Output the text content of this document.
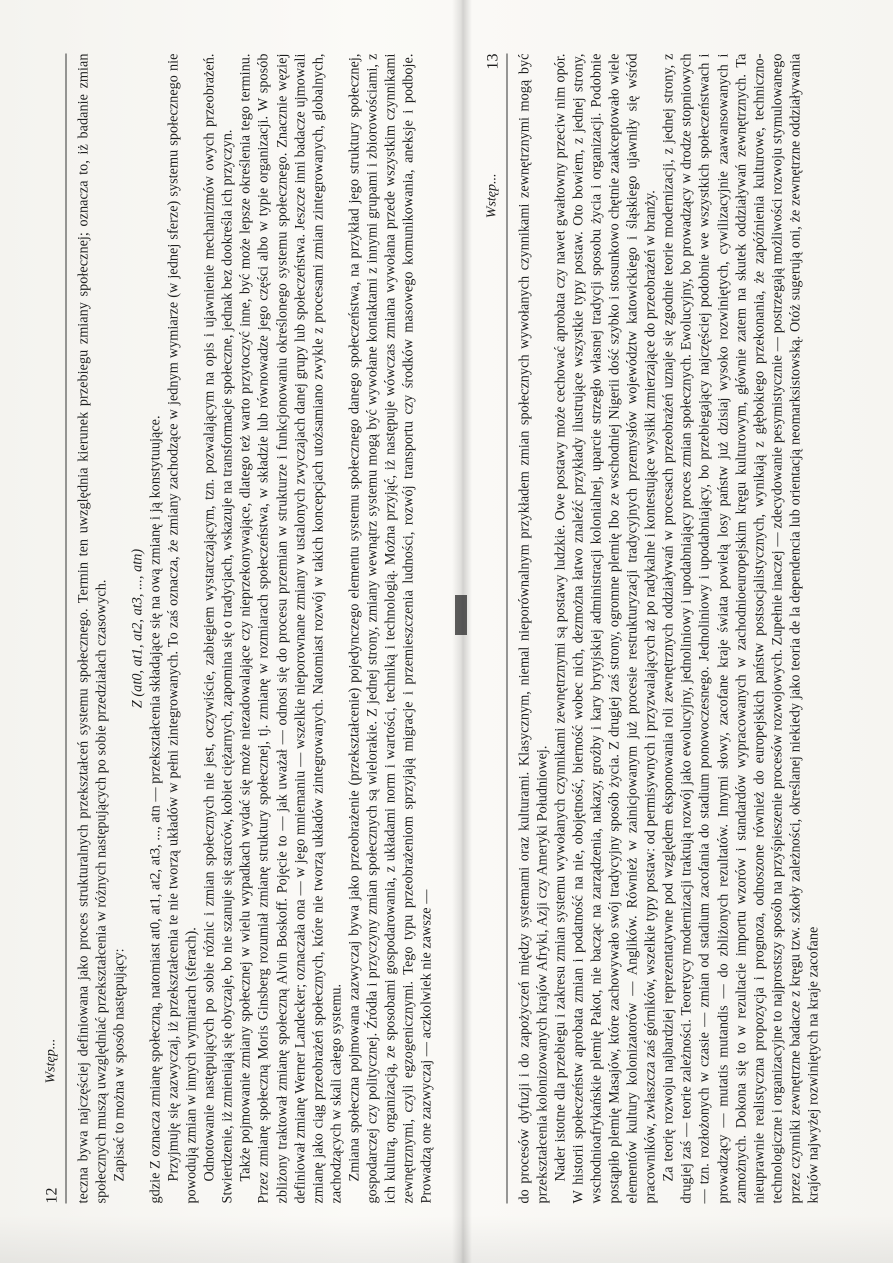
12
Wstęp... teczna bywa najczęściej definiowana jako proces strukturalnych przekształceń systemu społecznego. Termin ten uwzględnia kierunek przebiegu zmiany społecznej; oznacza to, iż badanie zmian społecznych muszą uwzględniać przekształcenia w różnych następujących po sobie przedziałach czasowych. Zapisać to można w sposób następujący:

Z (at0, at1, at2, at3, ..., atn) gdzie Z oznacza zmianę społeczną, natomiast at0, at1, at2, at3, ..., atn — przekształcenia składające się na ową zmianę i ją konstytuujące. Przyjmuję się zazwyczaj, iż przekształcenia te nie tworzą układów w pełni zintegrowanych. To zaś oznacza, że zmiany zachodzące w jednym wymiarze (w jednej sferze) systemu społecznego nie powodują zmian w innych wymiarach (sferach). Odnotowanie następujących po sobie różnic i zmian społecznych nie jest, oczywiście, zabiegiem wystarczającym, tzn. pozwalającym na opis i ujawnienie mechanizmów owych przeobrażeń. Stwierdzenie, iż zmieniają się obyczaje, bo nie szanuje się starców, kobiet ciężarnych, zapomina się o tradycjach, wskazuje na transformacje społeczne, jednak bez dookreśla ich przyczyn. Także pojmowanie zmiany społecznej w wielu wypadkach wydać się może niezadowalające czy nieprzekonywające, dlatego też warto przytoczyć inne, być może lepsze określenia tego terminu. Przez zmianę społeczną Moris Ginsberg rozumiał zmianę struktury społecznej, tj. zmianę w rozmiarach społeczeństwa, w składzie lub równowadze jego części albo w typie organizacji. W sposób zbliżony traktował zmianę społeczną Alvin Boskoff. Pojęcie to — jak uważał — odnosi się do procesu przemian w strukturze i funkcjonowaniu określonego systemu społecznego. Znacznie węziej definiował zmianę Werner Landecker; oznaczała ona — w jego mniemaniu — wszelkie nieporownane zmiany w ustalonych zwyczajach danej grupy lub społeczeństwa. Jeszcze inni badacze ujmowali zmianę jako ciąg przeobrażeń społecznych, które nie tworzą układów zintegrowanych. Natomiast rozwój w takich koncepcjach utożsamiano zwykle z procesami zmian zintegrowanych, globalnych, zachodzących w skali całego systemu. Zmiana społeczna pojmowana zazwyczaj bywa jako przeobrażenie (przekształcenie) pojedynczego elementu systemu społecznego danego społeczeństwa, na przykład jego struktury społecznej, gospodarczej czy politycznej. Źródła i przyczyny zmian społecznych są wielorakie. Z jednej strony, zmiany wewnątrz systemu mogą być wywołane kontaktami z innymi grupami i zbiorowościami, z ich kulturą, organizacją, ze sposobami gospodarowania, z układami norm i wartości, techniką i technologią. Można przyjąć, iż następuje wówczas zmiana wywołana przede wszystkim czynnikami zewnętrznymi, czyli egzogenicznymi. Tego typu przeobrażeniom sprzyjają migracje i przemieszczenia ludności, rozwój transportu czy środków masowego komunikowania, aneksje i podboje. Prowadzą one zazwyczaj — aczkolwiek nie zawsze —

Wstęp...
13 do procesów dyfuzji i do zapożyczeń między systemami oraz kulturami. Klasycznym, niemal nieporównalnym przykładem zmian społecznych wywołanych czynnikami zewnętrznymi mogą być przekształcenia kolonizowanych krajów Afryki, Azji czy Ameryki Południowej. Nader istotne dla przebiegu i zakresu zmian systemu wywołanych czynnikami zewnętrznymi są postawy ludzkie. Owe postawy może cechować aprobata czy nawet gwałtowny przeciw nim opór. W historii społeczeństw aprobata zmian i podatność na nie, obojętność, bierność wobec nich, dezmożna łatwo znaleźć przykłady ilustrujące wszystkie typy postaw. Oto bowiem, z jednej strony, wschodnioafrykańskie plemię Pakot, nie bacząc na zarządzenia, nakazy, groźby i kary brytyjskiej administracji kolonialnej, uparcie strzegło własnej tradycji sposobu życia i organizacji. Podobnie postąpiło plemię Masajów, które zachowywało swój tradycyjny sposób życia. Z drugiej zaś strony, ogromne plemię Ibo ze wschodniej Nigerii dość szybko i stosunkowo chętnie zaakceptowało wiele elementów kultury kolonizatorów — Anglików. Również w zainicjowanym już procesie restrukturyzacji tradycyjnych przemysłów województw katowickiego i śląskiego ujawniły się wśród pracowników, zwłaszcza zaś górników, wszelkie typy postaw: od permisywnych i przyzwalających aż po radykalne i kontestujące wysiłki zmierzające do przeobrażeń w branży. Za teorię rozwoju najbardziej reprezentatywne pod względem eksponowania roli zewnętrznych oddziaływań w procesach przeobrażeń uznaje się zgodnie teorie modernizacji, z jednej strony, z drugiej zaś — teorie zależności. Teoretycy modernizacji traktują rozwój jako ewolucyjny, jednoliniowy i upodabniający proces zmian społecznych. Ewolucyjny, bo prowadzący w drodze stopniowych — tzn. rozłożonych w czasie — zmian od stadium zacofania do stadium ponowoczesnego. Jednoliniowy i upodabniający, bo przebiegający najczęściej podobnie we wszystkich społeczeństwach i prowadzący — mutatis mutandis — do zbliżonych rezultatów. Innymi słowy, zacofane kraje świata powielą losy państw już dzisiaj wysoko rozwiniętych, cywilizacyjnie zaawansowanych i zamożnych. Dokona się to w rezultacie importu wzorów i standardów wypracowanych w zachodnioeuropejskim kręgu kulturowym, głównie zatem na skutek oddziaływań zewnętrznych. Ta nieuprawnie realistyczna propozycja i prognoza, odnoszone również do europejskich państw postsocjalistycznych, wynikają z głębokiego przekonania, że zapóźnienia kulturowe, techniczno-technologiczne i organizacyjne to najprostszy sposób na przyśpieszenie procesów rozwojowych. Zupełnie inaczej — zdecydowanie pesymistycznie — postrzegają możliwości rozwoju stymulowanego przez czynniki zewnętrzne badacze z kręgu tzw. szkoły zależności, określanej niekiedy jako teoria de la dependencia lub orientacją neomarksistowską. Otóż sugerują oni, że zewnętrzne oddziaływania krajów najwyżej rozwiniętych na kraje zacofane
